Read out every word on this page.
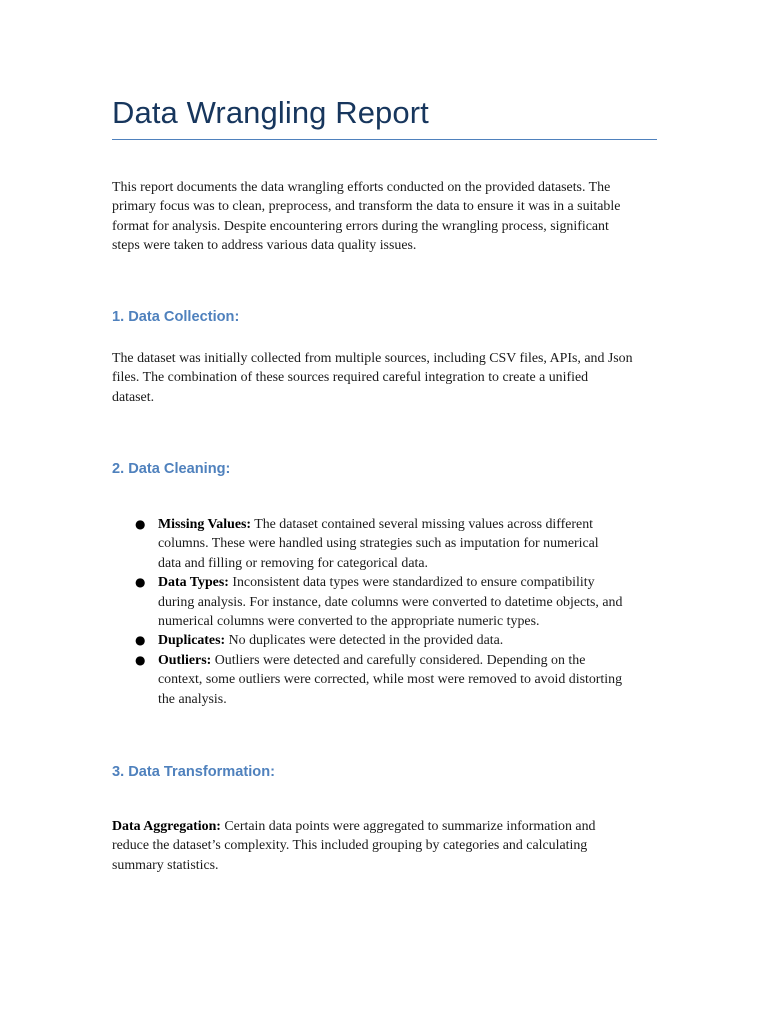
Data Wrangling Report
This report documents the data wrangling efforts conducted on the provided datasets. The
primary focus was to clean, preprocess, and transform the data to ensure it was in a suitable
format for analysis. Despite encountering errors during the wrangling process, significant
steps were taken to address various data quality issues.
1. Data Collection:
The dataset was initially collected from multiple sources, including CSV files, APIs, and Json
files. The combination of these sources required careful integration to create a unified
dataset.
2. Data Cleaning:
● Missing Values: The dataset contained several missing values across different
columns. These were handled using strategies such as imputation for numerical
data and filling or removing for categorical data.
● Data Types: Inconsistent data types were standardized to ensure compatibility
during analysis. For instance, date columns were converted to datetime objects, and
numerical columns were converted to the appropriate numeric types.
● Duplicates: No duplicates were detected in the provided data.
● Outliers: Outliers were detected and carefully considered. Depending on the
context, some outliers were corrected, while most were removed to avoid distorting
the analysis.
3. Data Transformation:
Data Aggregation: Certain data points were aggregated to summarize information and
reduce the dataset’s complexity. This included grouping by categories and calculating
summary statistics.
